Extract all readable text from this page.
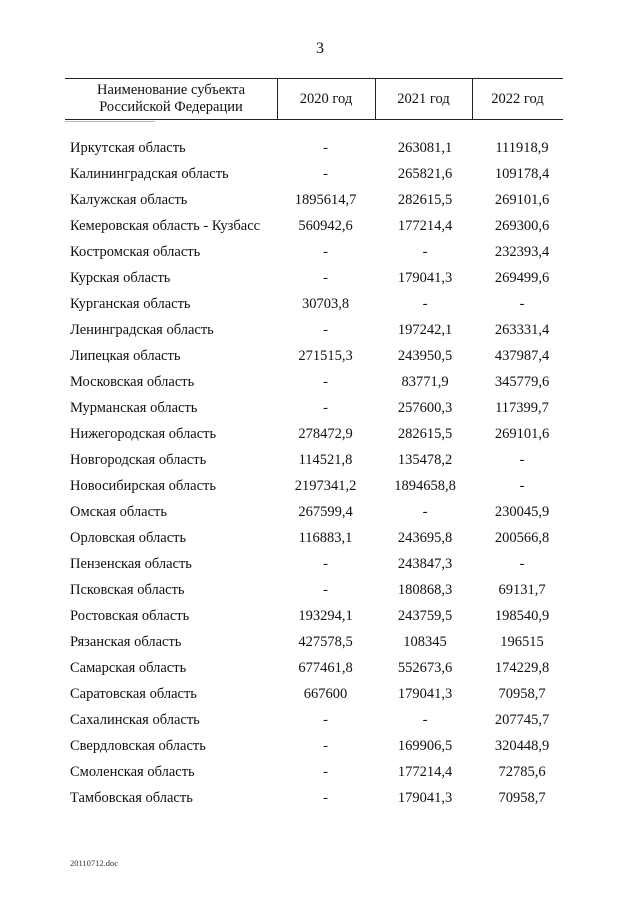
3
Наименование субъекта
Российской Федерации
2020 год	2021 год	2022 год
Иркутская область	-	263081,1	111918,9
Калининградская область	-	265821,6	109178,4
Калужская область	1895614,7	282615,5	269101,6
Кемеровская область - Кузбасс	560942,6	177214,4	269300,6
Костромская область	-	-	232393,4
Курская область	-	179041,3	269499,6
Курганская область	30703,8	-	-
Ленинградская область	-	197242,1	263331,4
Липецкая область	271515,3	243950,5	437987,4
Московская область	-	83771,9	345779,6
Мурманская область	-	257600,3	117399,7
Нижегородская область	278472,9	282615,5	269101,6
Новгородская область	114521,8	135478,2	-
Новосибирская область	2197341,2	1894658,8	-
Омская область	267599,4	-	230045,9
Орловская область	116883,1	243695,8	200566,8
Пензенская область	-	243847,3	-
Псковская область	-	180868,3	69131,7
Ростовская область	193294,1	243759,5	198540,9
Рязанская область	427578,5	108345	196515
Самарская область	677461,8	552673,6	174229,8
Саратовская область	667600	179041,3	70958,7
Сахалинская область	-	-	207745,7
Свердловская область	-	169906,5	320448,9
Смоленская область	-	177214,4	72785,6
Тамбовская область	-	179041,3	70958,7
20110712.doc
